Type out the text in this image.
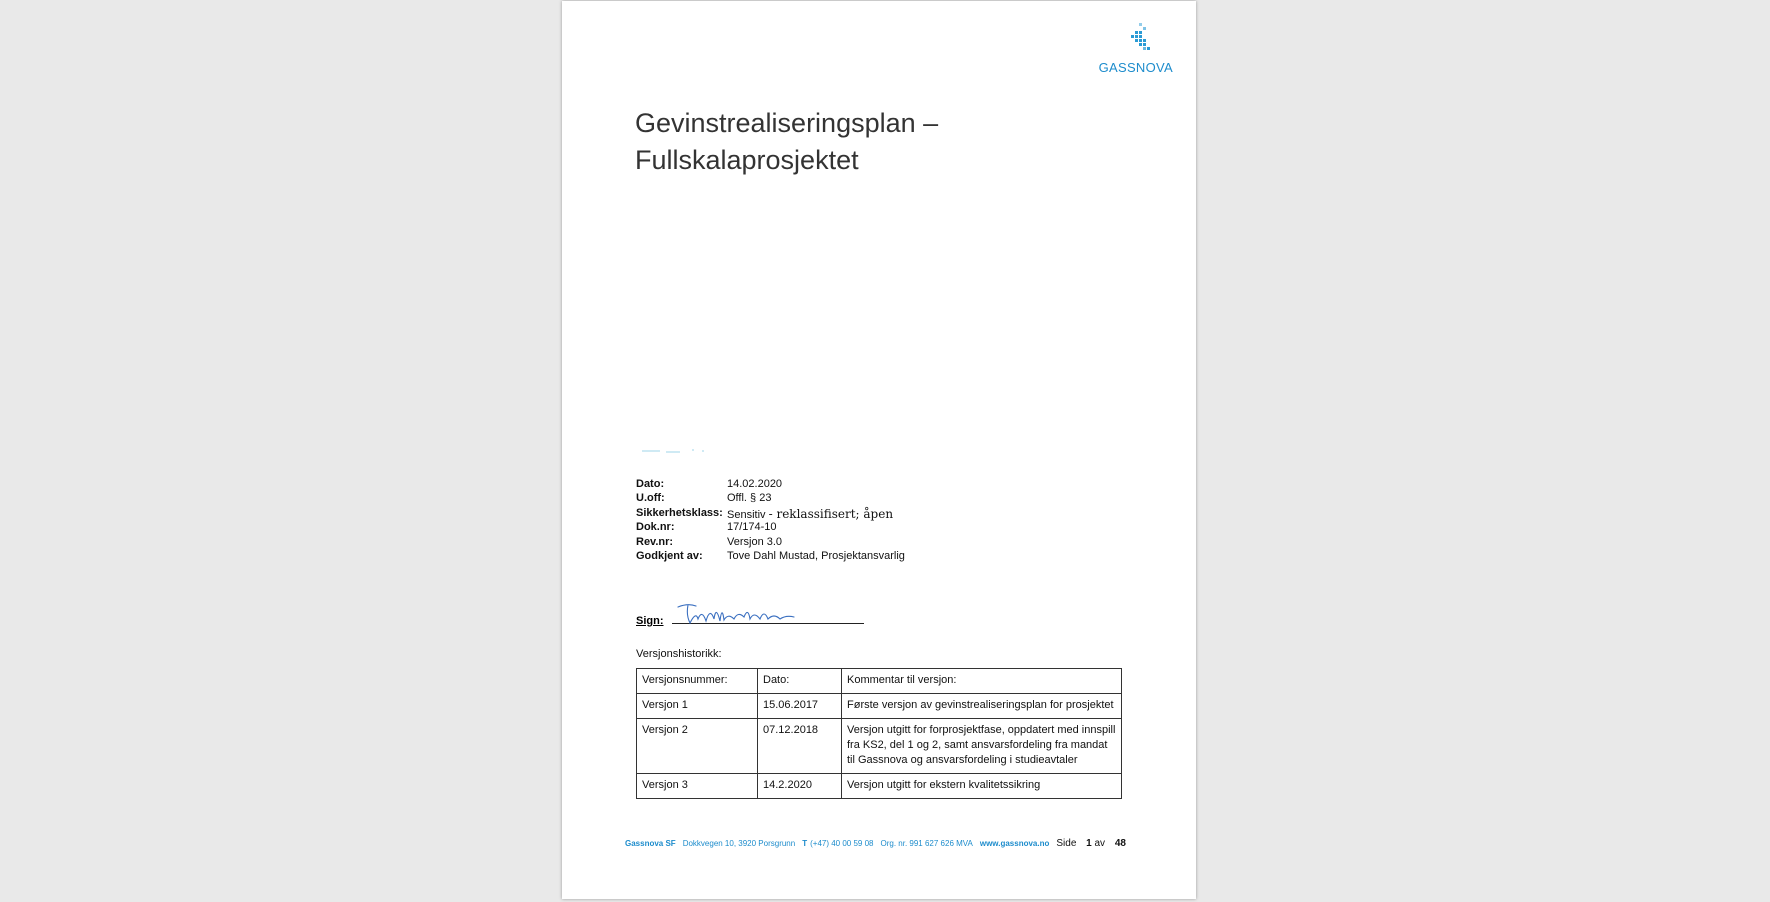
GASSNOVA
Gevinstrealiseringsplan –
Fullskalaprosjektet
Dato:	14.02.2020
U.off:	Offl. § 23
Sikkerhetsklass: Sensitiv - reklassifisert; åpen
Dok.nr:	17/174-10
Rev.nr:	Versjon 3.0
Godkjent av:	Tove Dahl Mustad, Prosjektansvarlig
Sign:
Versjonshistorikk:
Versjonsnummer:	Dato:	Kommentar til versjon:
Versjon 1	15.06.2017	Første versjon av gevinstrealiseringsplan for prosjektet
Versjon 2	07.12.2018	Versjon utgitt for forprosjektfase, oppdatert med innspill fra KS2, del 1 og 2, samt ansvarsfordeling fra mandat til Gassnova og ansvarsfordeling i studieavtaler
Versjon 3	14.2.2020	Versjon utgitt for ekstern kvalitetssikring
Gassnova SF Dokkvegen 10, 3920 Porsgrunn T (+47) 40 00 59 08 Org. nr. 991 627 626 MVA www.gassnova.no Side 1 av 48
